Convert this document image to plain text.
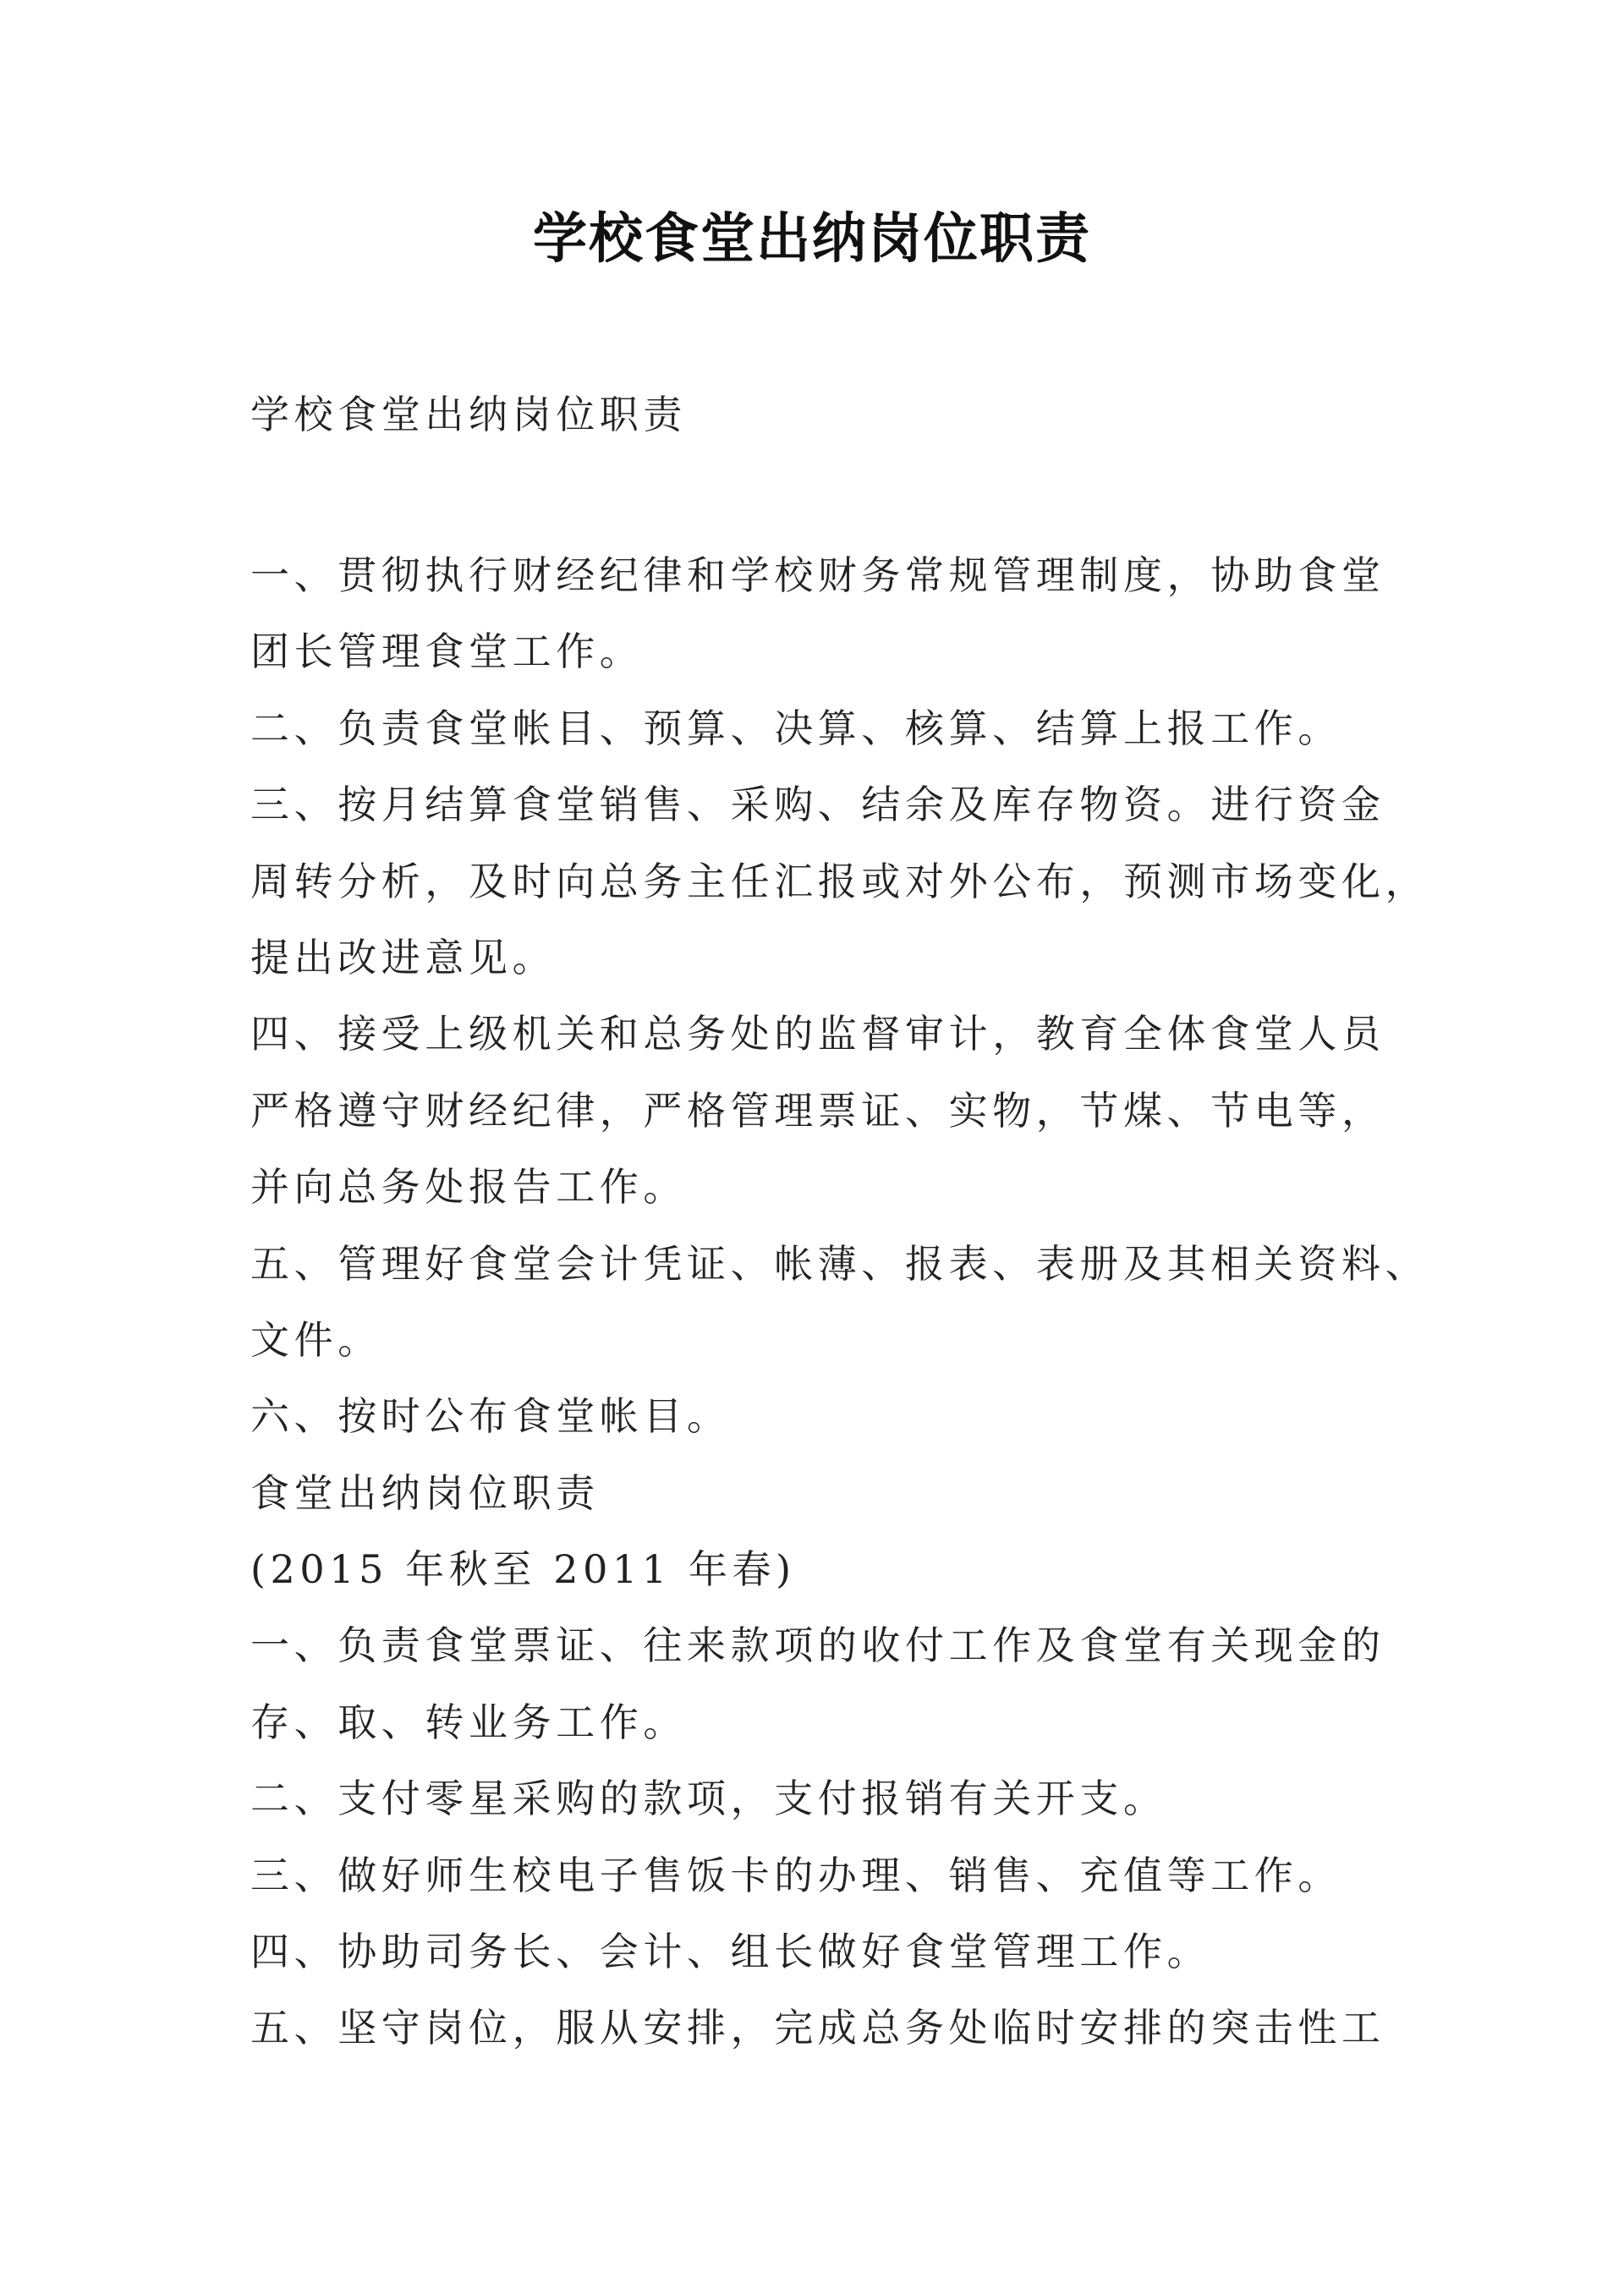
学校食堂出纳岗位职责
学校食堂出纳岗位职责
一、贯彻执行财经纪律和学校财务常规管理制度，协助食堂
团长管理食堂工作。
二、负责食堂帐目、预算、决算、核算、结算上报工作。
三、按月结算食堂销售、采购、结余及库存物资。进行资金
周转分析，及时向总务主任汇报或对外公布，预测市场变化，
提出改进意见。
四、接受上级机关和总务处的监督审计，教育全体食堂人员
严格遵守财经纪律，严格管理票证、实物，节煤、节电等，
并向总务处报告工作。
五、管理好食堂会计凭证、帐薄、报表、表册及其相关资料、
文件。
六、按时公布食堂帐目。
食堂出纳岗位职责
(2015 年秋至 2011 年春)
一、负责食堂票证、往来款项的收付工作及食堂有关现金的
存、取、转业务工作。
二、支付零星采购的款项，支付报销有关开支。
三、做好师生校电子售饭卡的办理、销售、充值等工作。
四、协助司务长、会计、组长做好食堂管理工作。
五、坚守岗位，服从安排，完成总务处临时安排的突击性工
